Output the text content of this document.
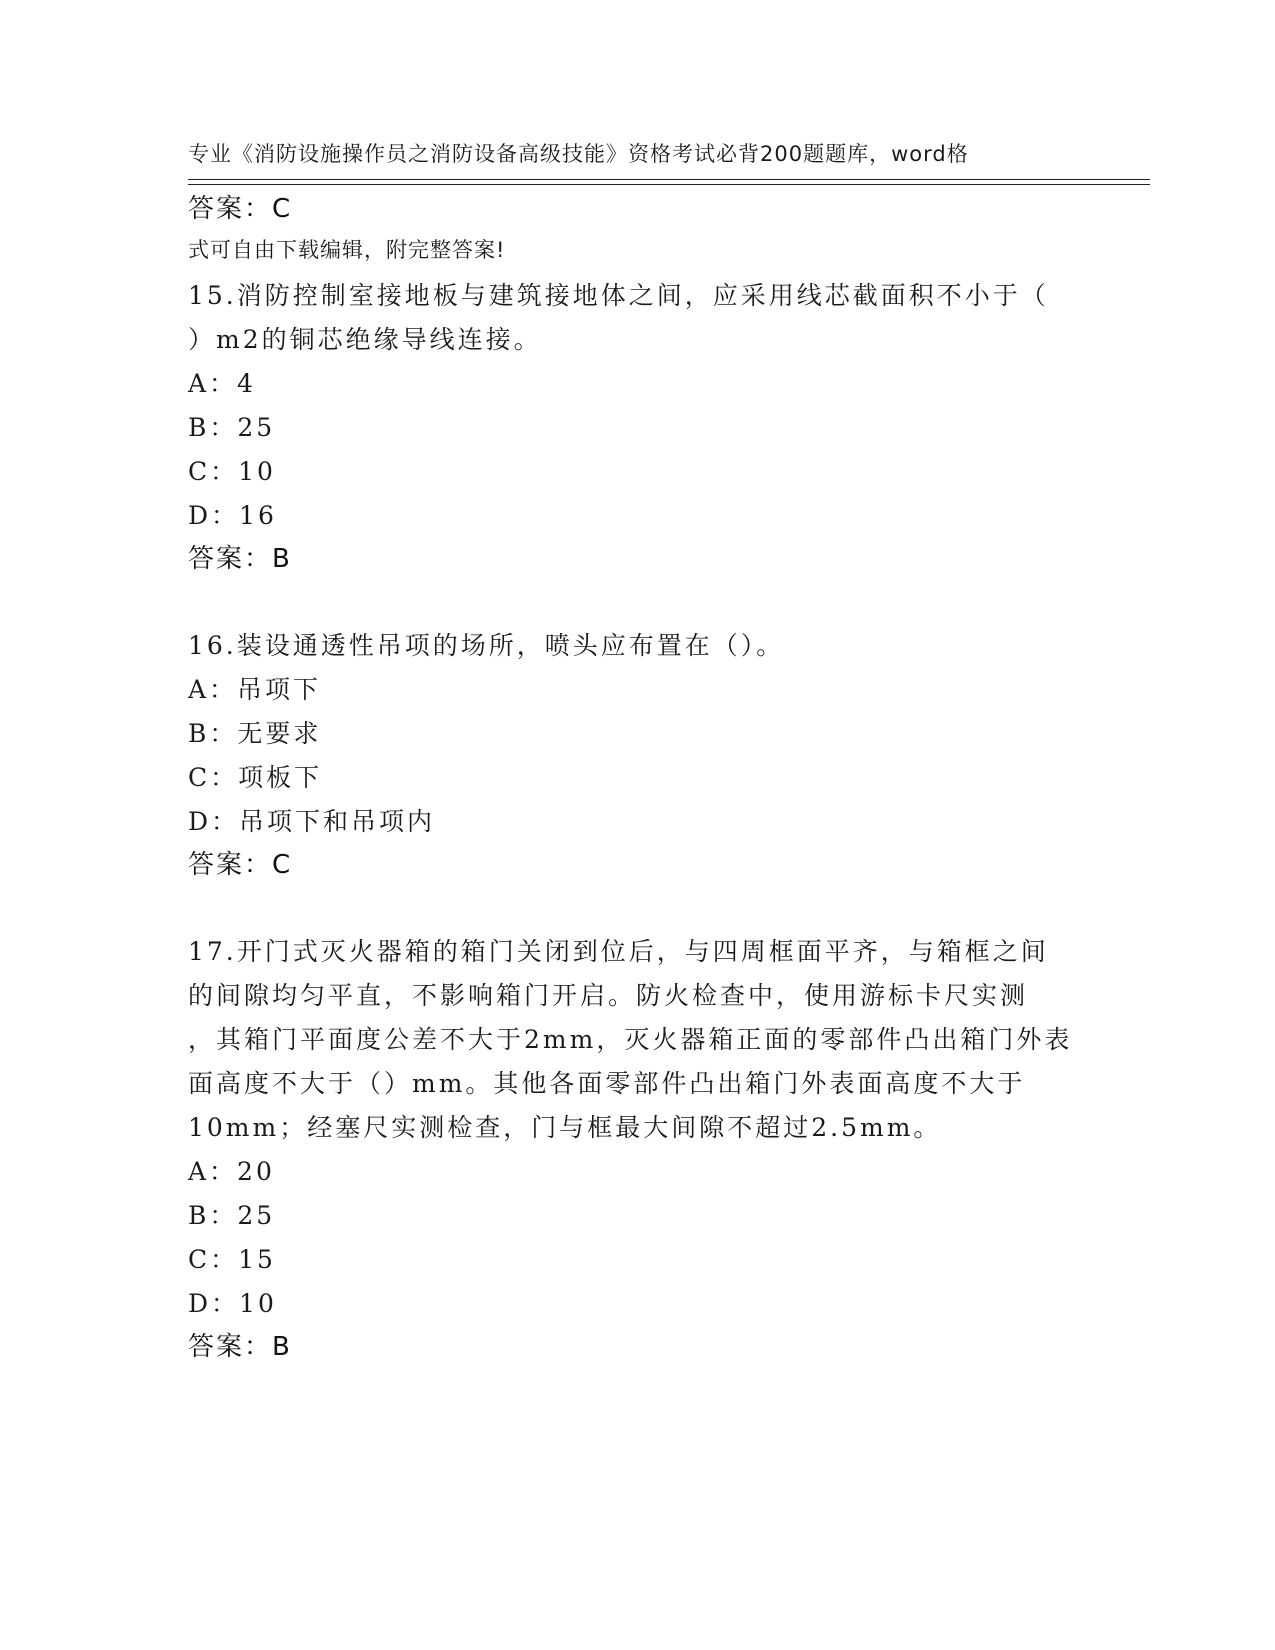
专业《消防设施操作员之消防设备高级技能》资格考试必背200题题库，word格

式可自由下载编辑，附完整答案!

答案：C
15.消防控制室接地板与建筑接地体之间，应采用线芯截面积不小于（
）m2的铜芯绝缘导线连接。
A：4
B：25
C：10
D：16
答案：B
16.装设通透性吊项的场所，喷头应布置在（）。
A：吊项下
B：无要求
C：项板下
D：吊项下和吊项内
答案：C
17.开门式灭火器箱的箱门关闭到位后，与四周框面平齐，与箱框之间
的间隙均匀平直，不影响箱门开启。防火检查中，使用游标卡尺实测
，其箱门平面度公差不大于2mm，灭火器箱正面的零部件凸出箱门外表
面高度不大于（）mm。其他各面零部件凸出箱门外表面高度不大于
10mm；经塞尺实测检查，门与框最大间隙不超过2.5mm。
A：20
B：25
C：15
D：10
答案：B
